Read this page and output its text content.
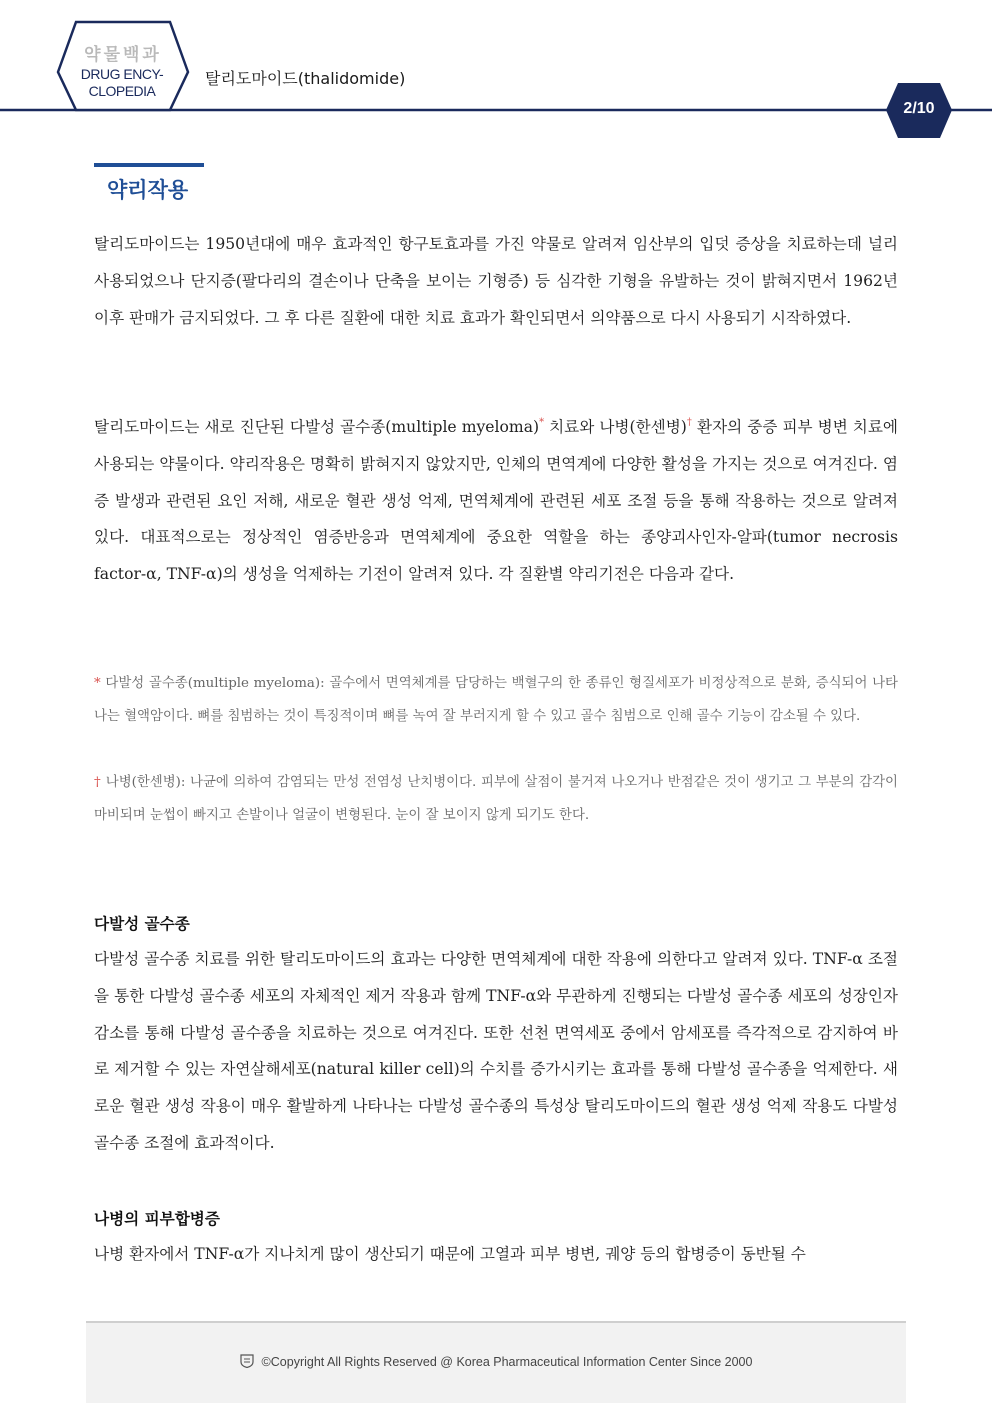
약물백과
DRUG ENCY-
CLOPEDIA
탈리도마이드(thalidomide)
2/10
약리작용

탈리도마이드는 1950년대에 매우 효과적인 항구토효과를 가진 약물로 알려져 임산부의 입덧 증상을 치료하는데 널리 사용되었으나 단지증(팔다리의 결손이나 단축을 보이는 기형증) 등 심각한 기형을 유발하는 것이 밝혀지면서 1962년 이후 판매가 금지되었다. 그 후 다른 질환에 대한 치료 효과가 확인되면서 의약품으로 다시 사용되기 시작하였다.

탈리도마이드는 새로 진단된 다발성 골수종(multiple myeloma)* 치료와 나병(한센병)† 환자의 중증 피부 병변 치료에 사용되는 약물이다. 약리작용은 명확히 밝혀지지 않았지만, 인체의 면역계에 다양한 활성을 가지는 것으로 여겨진다. 염증 발생과 관련된 요인 저해, 새로운 혈관 생성 억제, 면역체계에 관련된 세포 조절 등을 통해 작용하는 것으로 알려져 있다. 대표적으로는 정상적인 염증반응과 면역체계에 중요한 역할을 하는 종양괴사인자-알파(tumor necrosis factor-α, TNF-α)의 생성을 억제하는 기전이 알려져 있다. 각 질환별 약리기전은 다음과 같다.

* 다발성 골수종(multiple myeloma): 골수에서 면역체계를 담당하는 백혈구의 한 종류인 형질세포가 비정상적으로 분화, 증식되어 나타나는 혈액암이다. 뼈를 침범하는 것이 특징적이며 뼈를 녹여 잘 부러지게 할 수 있고 골수 침범으로 인해 골수 기능이 감소될 수 있다.

† 나병(한센병): 나균에 의하여 감염되는 만성 전염성 난치병이다. 피부에 살점이 불거져 나오거나 반점같은 것이 생기고 그 부분의 감각이 마비되며 눈썹이 빠지고 손발이나 얼굴이 변형된다. 눈이 잘 보이지 않게 되기도 한다.

다발성 골수종

다발성 골수종 치료를 위한 탈리도마이드의 효과는 다양한 면역체계에 대한 작용에 의한다고 알려져 있다. TNF-α 조절을 통한 다발성 골수종 세포의 자체적인 제거 작용과 함께 TNF-α와 무관하게 진행되는 다발성 골수종 세포의 성장인자 감소를 통해 다발성 골수종을 치료하는 것으로 여겨진다. 또한 선천 면역세포 중에서 암세포를 즉각적으로 감지하여 바로 제거할 수 있는 자연살해세포(natural killer cell)의 수치를 증가시키는 효과를 통해 다발성 골수종을 억제한다. 새로운 혈관 생성 작용이 매우 활발하게 나타나는 다발성 골수종의 특성상 탈리도마이드의 혈관 생성 억제 작용도 다발성 골수종 조절에 효과적이다.

나병의 피부합병증

나병 환자에서 TNF-α가 지나치게 많이 생산되기 때문에 고열과 피부 병변, 궤양 등의 합병증이 동반될 수

©Copyright All Rights Reserved @ Korea Pharmaceutical Information Center Since 2000
